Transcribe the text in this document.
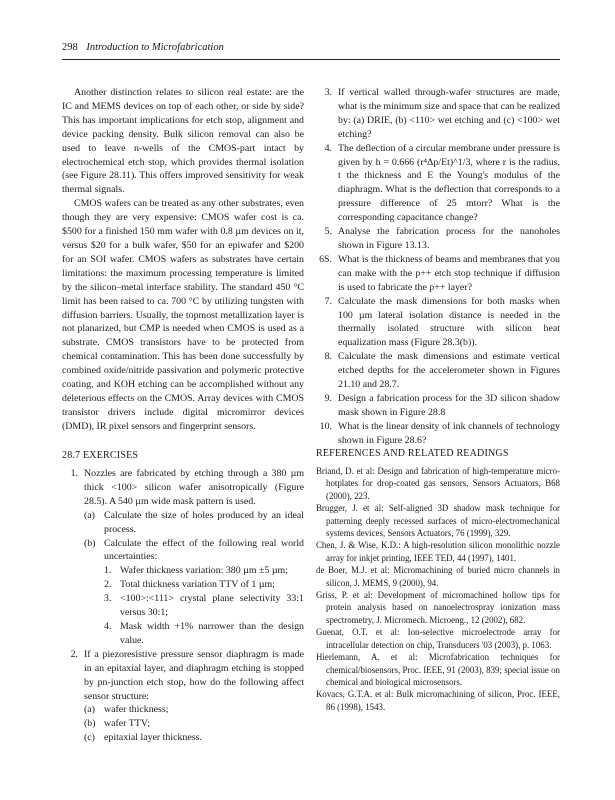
298 Introduction to Microfabrication

Another distinction relates to silicon real estate: are the IC and MEMS devices on top of each other, or side by side? This has important implications for etch stop, alignment and device packing density. Bulk silicon removal can also be used to leave n-wells of the CMOS-part intact by electrochemical etch stop, which provides thermal isolation (see Figure 28.11). This offers improved sensitivity for weak thermal signals.

CMOS wafers can be treated as any other substrates, even though they are very expensive: CMOS wafer cost is ca. $500 for a finished 150 mm wafer with 0.8 µm devices on it, versus $20 for a bulk wafer, $50 for an epiwafer and $200 for an SOI wafer. CMOS wafers as substrates have certain limitations: the maximum processing temperature is limited by the silicon–metal interface stability. The standard 450 °C limit has been raised to ca. 700 °C by utilizing tungsten with diffusion barriers. Usually, the topmost metallization layer is not planarized, but CMP is needed when CMOS is used as a substrate. CMOS transistors have to be protected from chemical contamination. This has been done successfully by combined oxide/nitride passivation and polymeric protective coating, and KOH etching can be accomplished without any deleterious effects on the CMOS. Array devices with CMOS transistor drivers include digital micromirror devices (DMD), IR pixel sensors and fingerprint sensors.

28.7 EXERCISES
1. Nozzles are fabricated by etching through a 380 µm thick <100> silicon wafer anisotropically (Figure 28.5). A 540 µm wide mask pattern is used.
(a) Calculate the size of holes produced by an ideal process.
(b) Calculate the effect of the following real world uncertainties:
1. Wafer thickness variation: 380 µm ±5 µm;
2. Total thickness variation TTV of 1 µm;
3. <100>:<111> crystal plane selectivity 33:1 versus 30:1;
4. Mask width +1% narrower than the design value.
2. If a piezoresistive pressure sensor diaphragm is made in an epitaxial layer, and diaphragm etching is stopped by pn-junction etch stop, how do the following affect sensor structure:
(a) wafer thickness;
(b) wafer TTV;
(c) epitaxial layer thickness.
3. If vertical walled through-wafer structures are made, what is the minimum size and space that can be realized by: (a) DRIE, (b) <110> wet etching and (c) <100> wet etching?
4. The deflection of a circular membrane under pressure is given by h = 0.666 (r⁴Δp/Et)^1/3, where r is the radius, t the thickness and E the Young's modulus of the diaphragm. What is the deflection that corresponds to a pressure difference of 25 mtorr? What is the corresponding capacitance change?
5. Analyse the fabrication process for the nanoholes shown in Figure 13.13.
6S. What is the thickness of beams and membranes that you can make with the p++ etch stop technique if diffusion is used to fabricate the p++ layer?
7. Calculate the mask dimensions for both masks when 100 µm lateral isolation distance is needed in the thermally isolated structure with silicon heat equalization mass (Figure 28.3(b)).
8. Calculate the mask dimensions and estimate vertical etched depths for the accelerometer shown in Figures 21.10 and 28.7.
9. Design a fabrication process for the 3D silicon shadow mask shown in Figure 28.8
10. What is the linear density of ink channels of technology shown in Figure 28.6?
REFERENCES AND RELATED READINGS
Briand, D. et al: Design and fabrication of high-temperature micro-hotplates for drop-coated gas sensors, Sensors Actuators, B68 (2000), 223.
Brugger, J. et al: Self-aligned 3D shadow mask technique for patterning deeply recessed surfaces of micro-electromechanical systems devices, Sensors Actuators, 76 (1999), 329.
Chen, J. & Wise, K.D.: A high-resolution silicon monolithic nozzle array for inkjet printing, IEEE TED, 44 (1997), 1401.
de Boer, M.J. et al: Micromachining of buried micro channels in silicon, J. MEMS, 9 (2000), 94.
Griss, P. et al: Development of micromachined hollow tips for protein analysis based on nanoelectrospray ionization mass spectrometry, J. Micromech. Microeng., 12 (2002), 682.
Guenat, O.T. et al: Ion-selective microelectrode array for intracellular detection on chip, Transducers '03 (2003), p. 1063.
Hierlemann, A. et al: Microfabrication techniques for chemical/biosensors, Proc. IEEE, 91 (2003), 839; special issue on chemical and biological microsensors.
Kovacs, G.T.A. et al: Bulk micromachining of silicon, Proc. IEEE, 86 (1998), 1543.
